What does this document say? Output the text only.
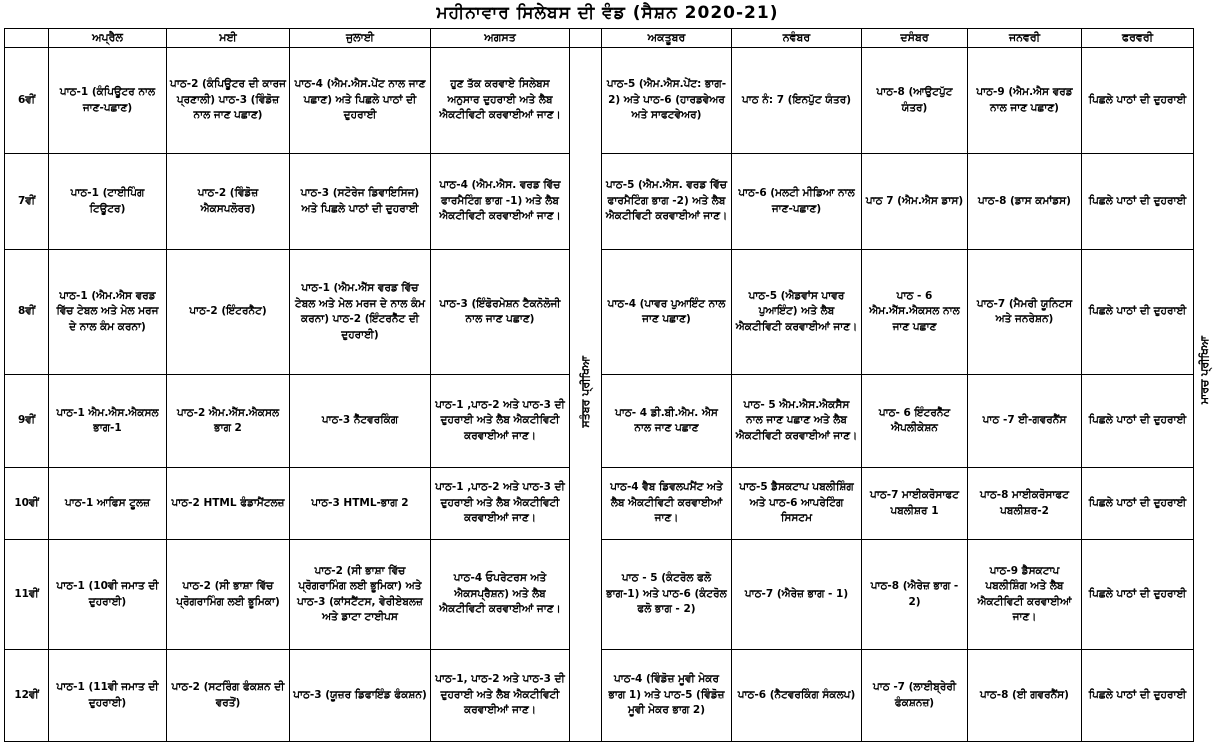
ਮਹੀਨਾਵਾਰ ਸਿਲੇਬਸ ਦੀ ਵੰਡ (ਸੈਸ਼ਨ 2020-21)
	ਅਪ੍ਰੈਲ	ਮਈ	ਜੁਲਾਈ	ਅਗਸਤ		ਅਕਤੂਬਰ	ਨਵੰਬਰ	ਦਸੰਬਰ	ਜਨਵਰੀ	ਫਰਵਰੀ
6ਵੀਂ	ਪਾਠ-1 (ਕੰਪਿਊਟਰ ਨਾਲ ਜਾਣ-ਪਛਾਣ)	ਪਾਠ-2 (ਕੰਪਿਊਟਰ ਦੀ ਕਾਰਜ ਪ੍ਰਣਾਲੀ) ਪਾਠ-3 (ਵਿੰਡੋਜ਼ ਨਾਲ ਜਾਣ ਪਛਾਣ)	ਪਾਠ-4 (ਐਮ.ਐਸ.ਪੇਂਟ ਨਾਲ ਜਾਣ ਪਛਾਣ) ਅਤੇ ਪਿਛਲੇ ਪਾਠਾਂ ਦੀ ਦੁਹਰਾਈ	ਹੁਣ ਤੱਕ ਕਰਵਾਏ ਸਿਲੇਬਸ ਅਨੁਸਾਰ ਦੁਹਰਾਈ ਅਤੇ ਲੈਬ ਐਕਟੀਵਿਟੀ ਕਰਵਾਈਆਂ ਜਾਣ।	ਸਤੰਬਰ ਪ੍ਰੀਖਿਆ	ਪਾਠ-5 (ਐਮ.ਐਸ.ਪੇਂਟ: ਭਾਗ- 2) ਅਤੇ ਪਾਠ-6 (ਹਾਰਡਵੇਅਰ ਅਤੇ ਸਾਫਟਵੇਅਰ)	ਪਾਠ ਨੰ: 7 (ਇਨਪੁੱਟ ਯੰਤਰ)	ਪਾਠ-8 (ਆਉਟਪੁੱਟ ਯੰਤਰ)	ਪਾਠ-9 (ਐਮ.ਐਸ ਵਰਡ ਨਾਲ ਜਾਣ ਪਛਾਣ)	ਪਿਛਲੇ ਪਾਠਾਂ ਦੀ ਦੁਹਰਾਈ
7ਵੀਂ	ਪਾਠ-1 (ਟਾਈਪਿੰਗ ਟਿਊਟਰ)	ਪਾਠ-2 (ਵਿੰਡੋਜ਼ ਐਕਸਪਲੋਰਰ)	ਪਾਠ-3 (ਸਟੋਰੇਜ ਡਿਵਾਇਸਿਜ) ਅਤੇ ਪਿਛਲੇ ਪਾਠਾਂ ਦੀ ਦੁਹਰਾਈ	ਪਾਠ-4 (ਐਮ.ਐਸ. ਵਰਡ ਵਿੱਚ ਫਾਰਮੈਟਿੰਗ ਭਾਗ -1) ਅਤੇ ਲੈਬ ਐਕਟੀਵਿਟੀ ਕਰਵਾਈਆਂ ਜਾਣ।		ਪਾਠ-5 (ਐਮ.ਐਸ. ਵਰਡ ਵਿੱਚ ਫਾਰਮੈਟਿੰਗ ਭਾਗ -2) ਅਤੇ ਲੈਬ ਐਕਟੀਵਿਟੀ ਕਰਵਾਈਆਂ ਜਾਣ।	ਪਾਠ-6 (ਮਲਟੀ ਮੀਡਿਆ ਨਾਲ ਜਾਣ-ਪਛਾਣ)	ਪਾਠ 7 (ਐਮ.ਐਸ ਡਾਸ)	ਪਾਠ-8 (ਡਾਸ ਕਮਾਂਡਸ)	ਪਿਛਲੇ ਪਾਠਾਂ ਦੀ ਦੁਹਰਾਈ
8ਵੀਂ	ਪਾਠ-1 (ਐਮ.ਐਸ ਵਰਡ ਵਿੱਚ ਟੇਬਲ ਅਤੇ ਮੇਲ ਮਰਜ ਦੇ ਨਾਲ ਕੰਮ ਕਰਨਾ)	ਪਾਠ-2 (ਇੰਟਰਨੈਟ)	ਪਾਠ-1 (ਐਮ.ਐੱਸ ਵਰਡ ਵਿੱਚ ਟੇਬਲ ਅਤੇ ਮੇਲ ਮਰਜ ਦੇ ਨਾਲ ਕੰਮ ਕਰਨਾ) ਪਾਠ-2 (ਇੰਟਰਨੈੱਟ ਦੀ ਦੁਹਰਾਈ)	ਪਾਠ-3 (ਇੰਫੋਰਮੇਸ਼ਨ ਟੈਕਨੋਲੋਜੀ ਨਾਲ ਜਾਣ ਪਛਾਣ)		ਪਾਠ-4 (ਪਾਵਰ ਪੁਆਇੰਟ ਨਾਲ ਜਾਣ ਪਛਾਣ)	ਪਾਠ-5 (ਐਡਵਾਂਸ ਪਾਵਰ ਪੁਆਇੰਟ) ਅਤੇ ਲੈਬ ਐਕਟੀਵਿਟੀ ਕਰਵਾਈਆਂ ਜਾਣ।	ਪਾਠ - 6 ਐਮ.ਐੱਸ.ਐਕਸਲ ਨਾਲ ਜਾਣ ਪਛਾਣ	ਪਾਠ-7 (ਮੈਮਰੀ ਯੂਨਿਟਸ ਅਤੇ ਜਨਰੇਸ਼ਨ)	ਪਿਛਲੇ ਪਾਠਾਂ ਦੀ ਦੁਹਰਾਈ
9ਵੀਂ	ਪਾਠ-1 ਐਮ.ਐਸ.ਐਕਸਲ ਭਾਗ-1	ਪਾਠ-2 ਐਮ.ਐੱਸ.ਐਕਸਲ ਭਾਗ 2	ਪਾਠ-3 ਨੈੱਟਵਰਕਿੰਗ	ਪਾਠ-1 ,ਪਾਠ-2 ਅਤੇ ਪਾਠ-3 ਦੀ ਦੁਹਰਾਈ ਅਤੇ ਲੈਬ ਐਕਟੀਵਿਟੀ ਕਰਵਾਈਆਂ ਜਾਣ।		ਪਾਠ- 4 ਡੀ.ਬੀ.ਐਮ. ਐਸ ਨਾਲ ਜਾਣ ਪਛਾਣ	ਪਾਠ- 5 ਐਮ.ਐਸ.ਐਕਸੈਸ ਨਾਲ ਜਾਣ ਪਛਾਣ ਅਤੇ ਲੈਬ ਐਕਟੀਵਿਟੀ ਕਰਵਾਈਆਂ ਜਾਣ।	ਪਾਠ- 6 ਇੰਟਰਨੈੱਟ ਐਪਲੀਕੇਸ਼ਨ	ਪਾਠ -7 ਈ-ਗਵਰਨੈਂਸ	ਪਿਛਲੇ ਪਾਠਾਂ ਦੀ ਦੁਹਰਾਈ
10ਵੀਂ	ਪਾਠ-1 ਆਫਿਸ ਟੂਲਜ਼	ਪਾਠ-2 HTML ਫੰਡਾਮੈਂਟਲਜ਼	ਪਾਠ-3 HTML-ਭਾਗ 2	ਪਾਠ-1 ,ਪਾਠ-2 ਅਤੇ ਪਾਠ-3 ਦੀ ਦੁਹਰਾਈ ਅਤੇ ਲੈਬ ਐਕਟੀਵਿਟੀ ਕਰਵਾਈਆਂ ਜਾਣ।		ਪਾਠ-4 ਵੈਬ ਡਿਵਲਪਮੈਂਟ ਅਤੇ ਲੈਬ ਐਕਟੀਵਿਟੀ ਕਰਵਾਈਆਂ ਜਾਣ।	ਪਾਠ-5 ਡੈਸਕਟਾਪ ਪਬਲੀਸ਼ਿੰਗ ਅਤੇ ਪਾਠ-6 ਆਪਰੇਟਿੰਗ ਸਿਸਟਮ	ਪਾਠ-7 ਮਾਈਕਰੋਸਾਫਟ ਪਬਲੀਸ਼ਰ 1	ਪਾਠ-8 ਮਾਈਕਰੋਸਾਫਟ ਪਬਲੀਸ਼ਰ-2	ਪਿਛਲੇ ਪਾਠਾਂ ਦੀ ਦੁਹਰਾਈ
11ਵੀਂ	ਪਾਠ-1 (10ਵੀ ਜਮਾਤ ਦੀ ਦੁਹਰਾਈ)	ਪਾਠ-2 (ਸੀ ਭਾਸ਼ਾ ਵਿੱਚ ਪ੍ਰੋਗਰਾਮਿੰਗ ਲਈ ਭੂਮਿਕਾ)	ਪਾਠ-2 (ਸੀ ਭਾਸ਼ਾ ਵਿੱਚ ਪ੍ਰੋਗਰਾਮਿੰਗ ਲਈ ਭੂਮਿਕਾ) ਅਤੇ ਪਾਠ-3 (ਕਾਂਸਟੈਂਟਸ, ਵੇਰੀਏਬਲਜ਼ ਅਤੇ ਡਾਟਾ ਟਾਈਪਸ	ਪਾਠ-4 ਓਪਰੇਟਰਸ ਅਤੇ ਐਕਸਪ੍ਰੈਸ਼ਨ) ਅਤੇ ਲੈਬ ਐਕਟੀਵਿਟੀ ਕਰਵਾਈਆਂ ਜਾਣ।		ਪਾਠ - 5 (ਕੰਟਰੋਲ ਫਲੋ ਭਾਗ-1) ਅਤੇ ਪਾਠ-6 (ਕੰਟਰੋਲ ਫਲੋ ਭਾਗ - 2)	ਪਾਠ-7 (ਐਰੇਜ਼ ਭਾਗ - 1)	ਪਾਠ-8 (ਐਰੇਜ਼ ਭਾਗ - 2)	ਪਾਠ-9 ਡੈਸਕਟਾਪ ਪਬਲੀਸ਼ਿੰਗ ਅਤੇ ਲੈਬ ਐਕਟੀਵਿਟੀ ਕਰਵਾਈਆਂ ਜਾਣ।	ਪਿਛਲੇ ਪਾਠਾਂ ਦੀ ਦੁਹਰਾਈ
12ਵੀਂ	ਪਾਠ-1 (11ਵੀ ਜਮਾਤ ਦੀ ਦੁਹਰਾਈ)	ਪਾਠ-2 (ਸਟਰਿੰਗ ਫੰਕਸ਼ਨ ਦੀ ਵਰਤੋਂ)	ਪਾਠ-3 (ਯੂਜ਼ਰ ਡਿਫਾਇੰਡ ਫੰਕਸ਼ਨ)	ਪਾਠ-1, ਪਾਠ-2 ਅਤੇ ਪਾਠ-3 ਦੀ ਦੁਹਰਾਈ ਅਤੇ ਲੈਬ ਐਕਟੀਵਿਟੀ ਕਰਵਾਈਆਂ ਜਾਣ।		ਪਾਠ-4 (ਵਿੰਡੋਜ਼ ਮੂਵੀ ਮੇਕਰ ਭਾਗ 1) ਅਤੇ ਪਾਠ-5 (ਵਿੰਡੋਜ਼ ਮੂਵੀ ਮੇਕਰ ਭਾਗ 2)	ਪਾਠ-6 (ਨੈਟਵਰਕਿੰਗ ਸੰਕਲਪ)	ਪਾਠ -7 (ਲਾਈਬ੍ਰੇਰੀ ਫੰਕਸ਼ਨਜ਼)	ਪਾਠ-8 (ਈ ਗਵਰਨੈਂਸ)	ਪਿਛਲੇ ਪਾਠਾਂ ਦੀ ਦੁਹਰਾਈ
ਮਾਰਚ ਪ੍ਰੀਖਿਆ
